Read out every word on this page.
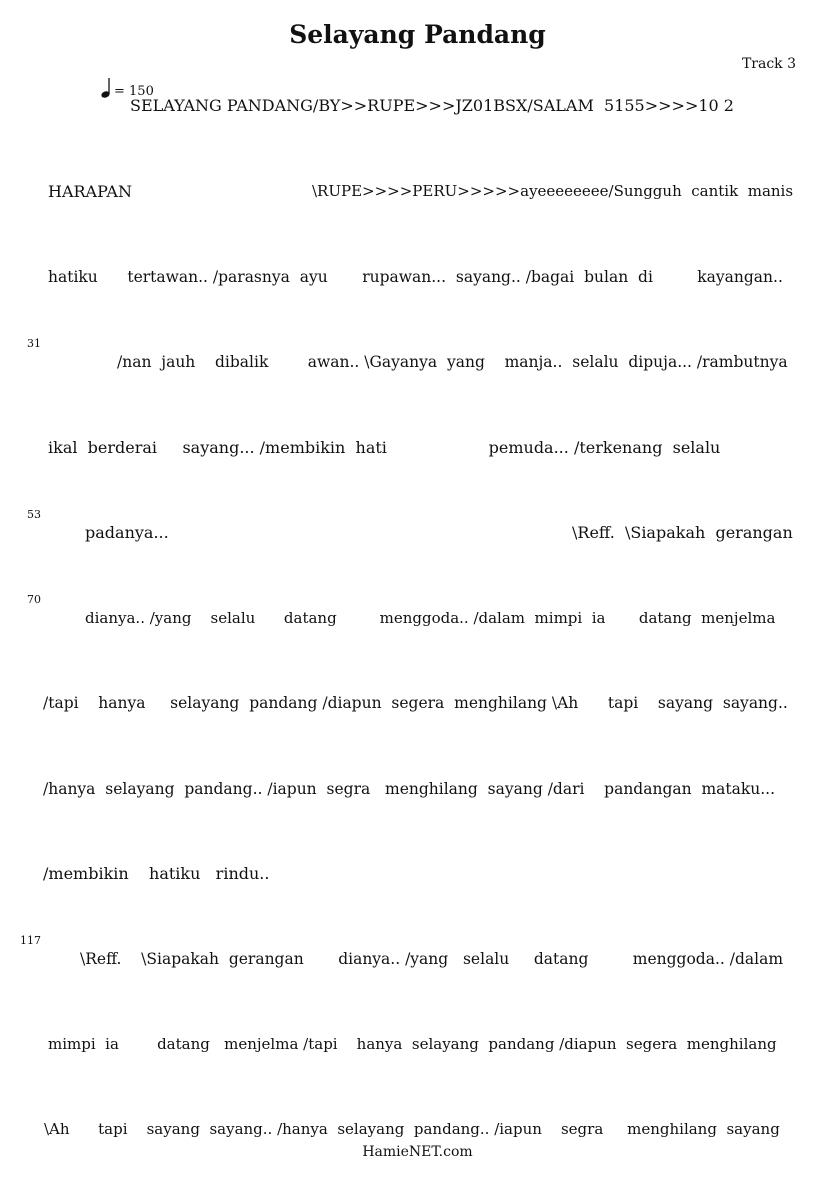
Selayang Pandang
Track 3
= 150
SELAYANG PANDANG/BY>>RUPE>>>JZ01BSX/SALAM  5155>>>>10 2
HARAPAN	\RUPE>>>>PERU>>>>>ayeeeeeeee/Sungguh  cantik  manis
hatiku      tertawan.. /parasnya  ayu       rupawan...  sayang.. /bagai  bulan  di         kayangan..
31
/nan  jauh    dibalik        awan.. \Gayanya  yang    manja..  selalu  dipuja... /rambutnya
ikal  berderai     sayang... /membikin  hati                    pemuda... /terkenang  selalu
53
padanya...	\Reff.  \Siapakah  gerangan
70
dianya.. /yang    selalu      datang         menggoda.. /dalam  mimpi  ia       datang  menjelma
/tapi    hanya     selayang  pandang /diapun  segera  menghilang \Ah      tapi    sayang  sayang..
/hanya  selayang  pandang.. /iapun  segra   menghilang  sayang /dari    pandangan  mataku...
/membikin    hatiku   rindu..
117
\Reff.    \Siapakah  gerangan       dianya.. /yang   selalu     datang         menggoda.. /dalam
mimpi  ia        datang   menjelma /tapi    hanya  selayang  pandang /diapun  segera  menghilang
\Ah      tapi    sayang  sayang.. /hanya  selayang  pandang.. /iapun    segra     menghilang  sayang
HamieNET.com
